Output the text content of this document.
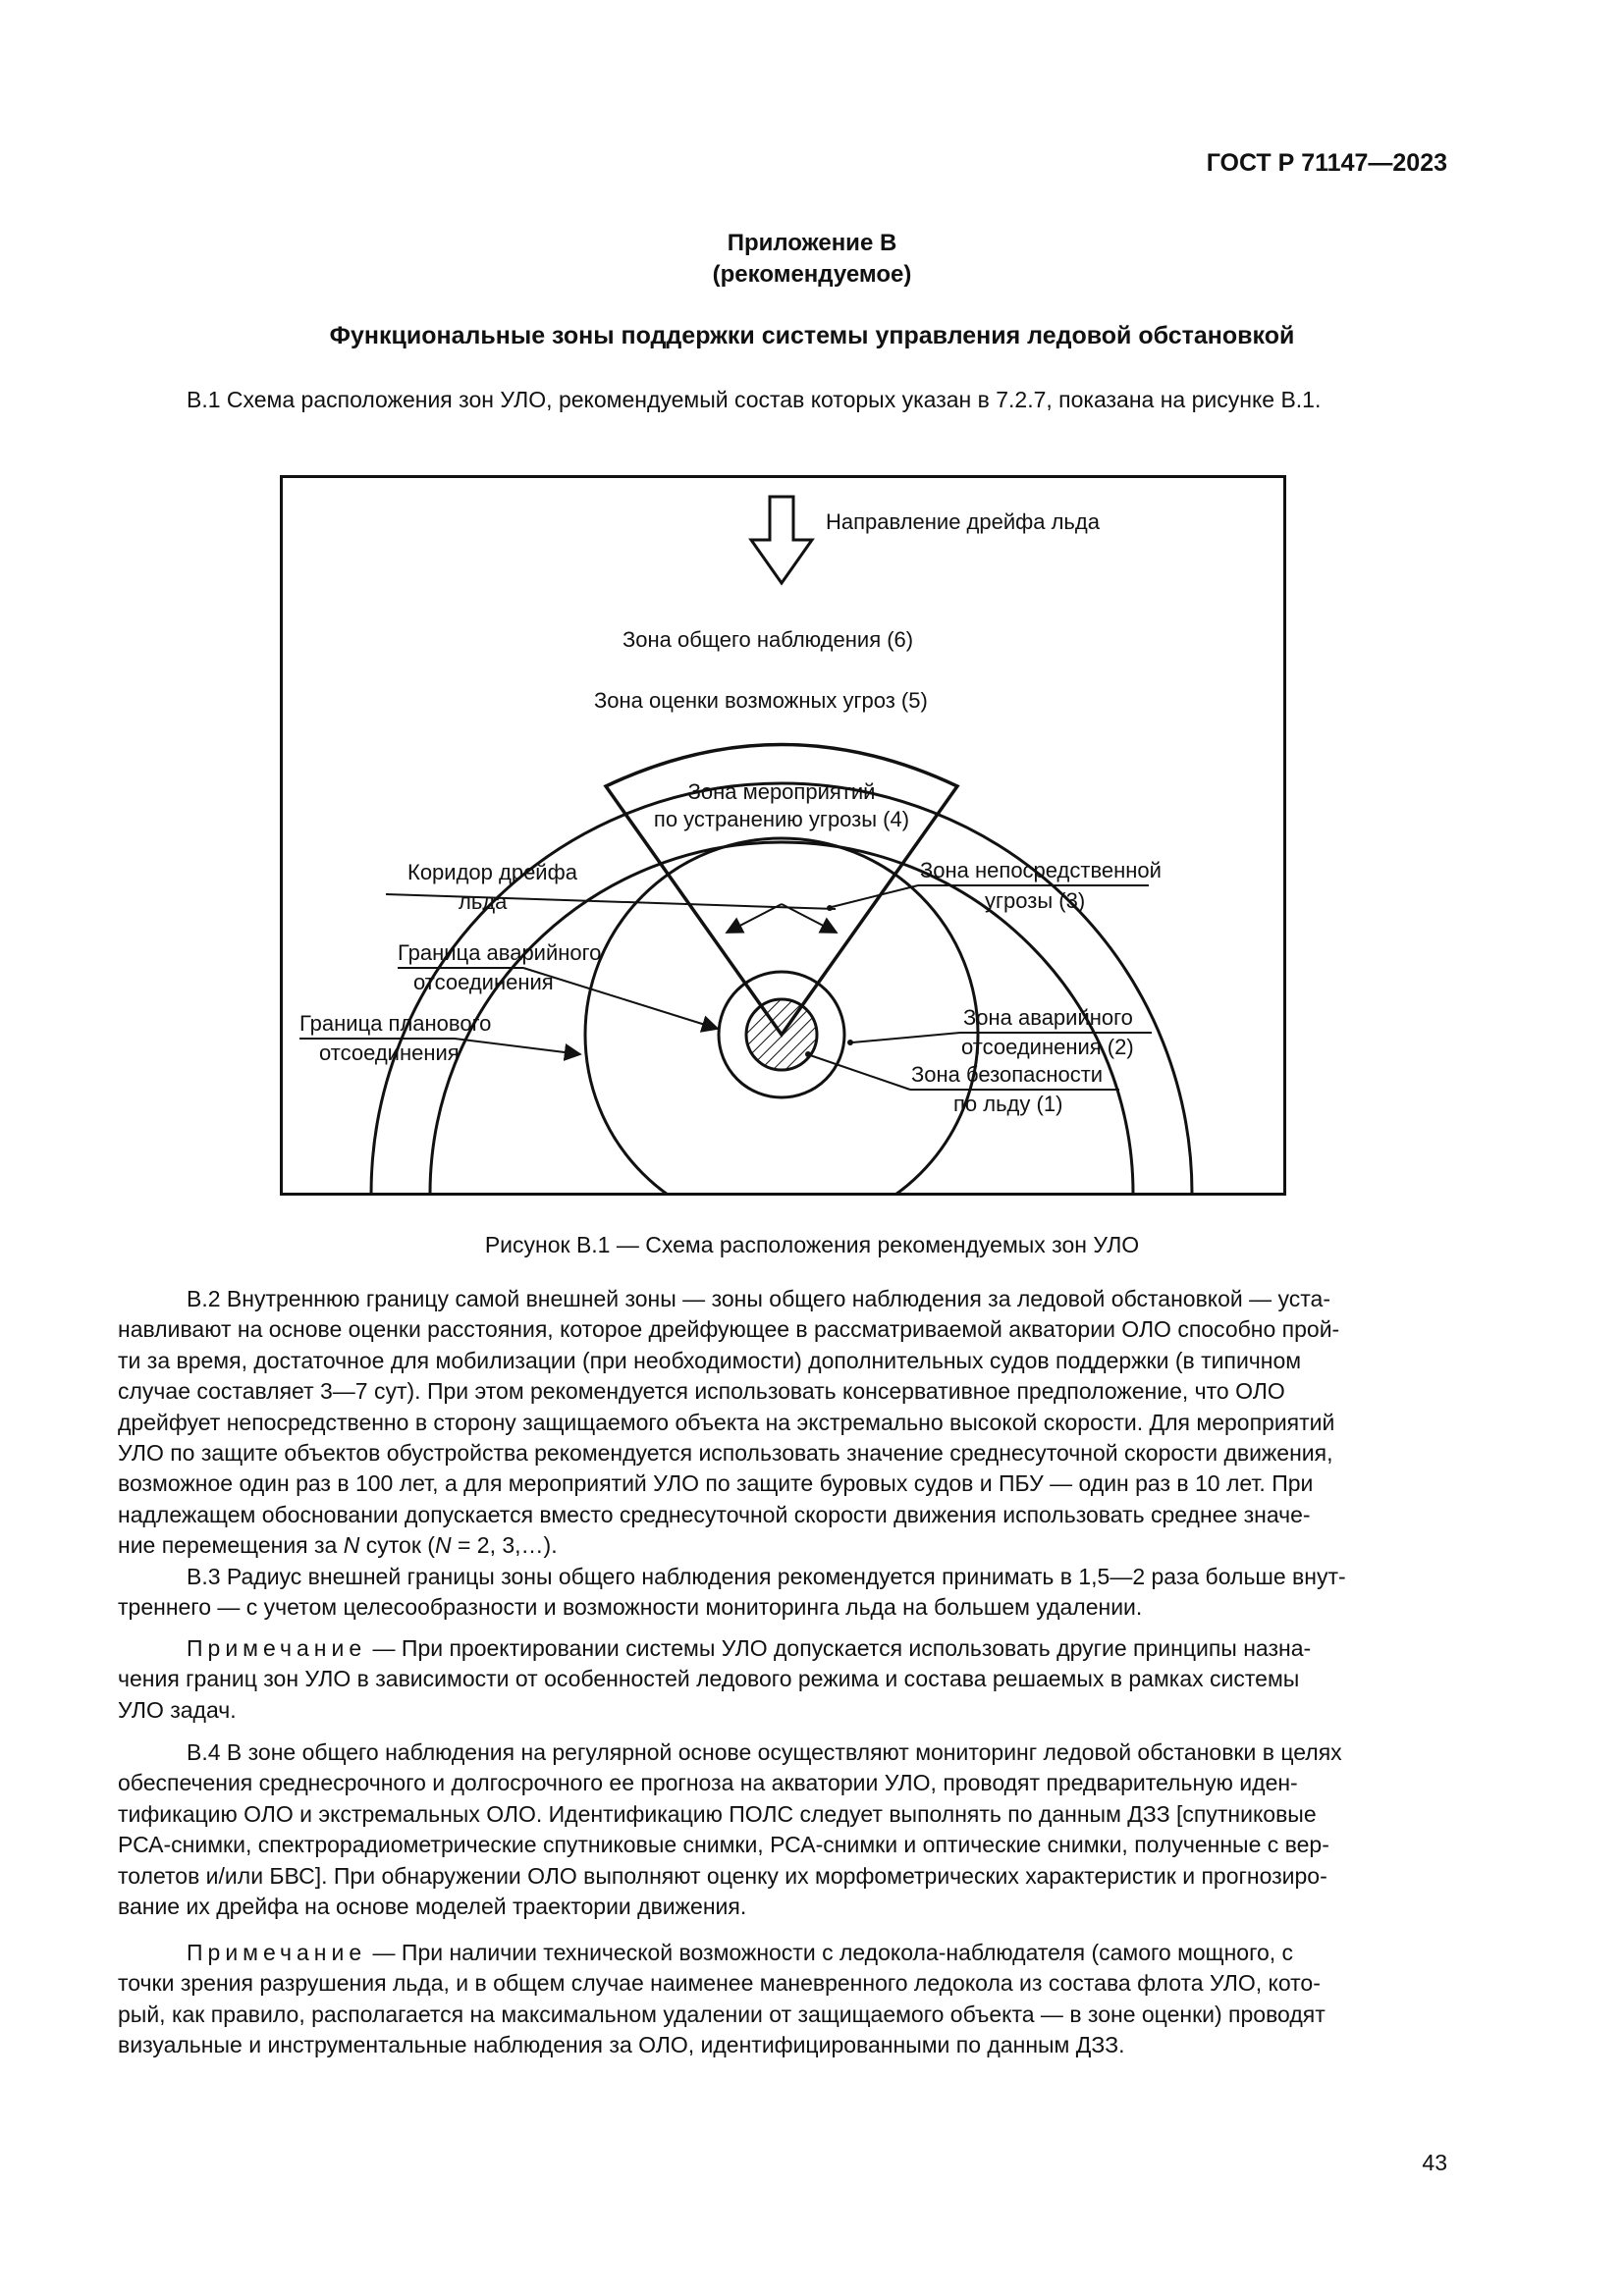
ГОСТ Р 71147—2023
Приложение В
(рекомендуемое)
Функциональные зоны поддержки системы управления ледовой обстановкой
В.1 Схема расположения зон УЛО, рекомендуемый состав которых указан в 7.2.7, показана на рисунке В.1.
Направление дрейфа льда
Зона общего наблюдения (6)
Зона оценки возможных угроз (5)
Зона мероприятий
по устранению угрозы (4)
Коридор дрейфа
льда
Зона непосредственной
угрозы (3)
Граница аварийного
отсоединения
Зона аварийного
отсоединения (2)
Граница планового
отсоединения
Зона безопасности
по льду (1)
Рисунок В.1 — Схема расположения рекомендуемых зон УЛО
В.2 Внутреннюю границу самой внешней зоны — зоны общего наблюдения за ледовой обстановкой — уста-
навливают на основе оценки расстояния, которое дрейфующее в рассматриваемой акватории ОЛО способно прой-
ти за время, достаточное для мобилизации (при необходимости) дополнительных судов поддержки (в типичном
случае составляет 3—7 сут). При этом рекомендуется использовать консервативное предположение, что ОЛО
дрейфует непосредственно в сторону защищаемого объекта на экстремально высокой скорости. Для мероприятий
УЛО по защите объектов обустройства рекомендуется использовать значение среднесуточной скорости движения,
возможное один раз в 100 лет, а для мероприятий УЛО по защите буровых судов и ПБУ — один раз в 10 лет. При
надлежащем обосновании допускается вместо среднесуточной скорости движения использовать среднее значе-
ние перемещения за N суток (N = 2, 3,…).
В.3 Радиус внешней границы зоны общего наблюдения рекомендуется принимать в 1,5—2 раза больше внут-
треннего — с учетом целесообразности и возможности мониторинга льда на большем удалении.
Примечание — При проектировании системы УЛО допускается использовать другие принципы назна-
чения границ зон УЛО в зависимости от особенностей ледового режима и состава решаемых в рамках системы
УЛО задач.
В.4 В зоне общего наблюдения на регулярной основе осуществляют мониторинг ледовой обстановки в целях
обеспечения среднесрочного и долгосрочного ее прогноза на акватории УЛО, проводят предварительную иден-
тификацию ОЛО и экстремальных ОЛО. Идентификацию ПОЛС следует выполнять по данным ДЗЗ [спутниковые
РСА-снимки, спектрорадиометрические спутниковые снимки, РСА-снимки и оптические снимки, полученные с вер-
толетов и/или БВС]. При обнаружении ОЛО выполняют оценку их морфометрических характеристик и прогнозиро-
вание их дрейфа на основе моделей траектории движения.
Примечание — При наличии технической возможности с ледокола-наблюдателя (самого мощного, с
точки зрения разрушения льда, и в общем случае наименее маневренного ледокола из состава флота УЛО, кото-
рый, как правило, располагается на максимальном удалении от защищаемого объекта — в зоне оценки) проводят
визуальные и инструментальные наблюдения за ОЛО, идентифицированными по данным ДЗЗ.
43
